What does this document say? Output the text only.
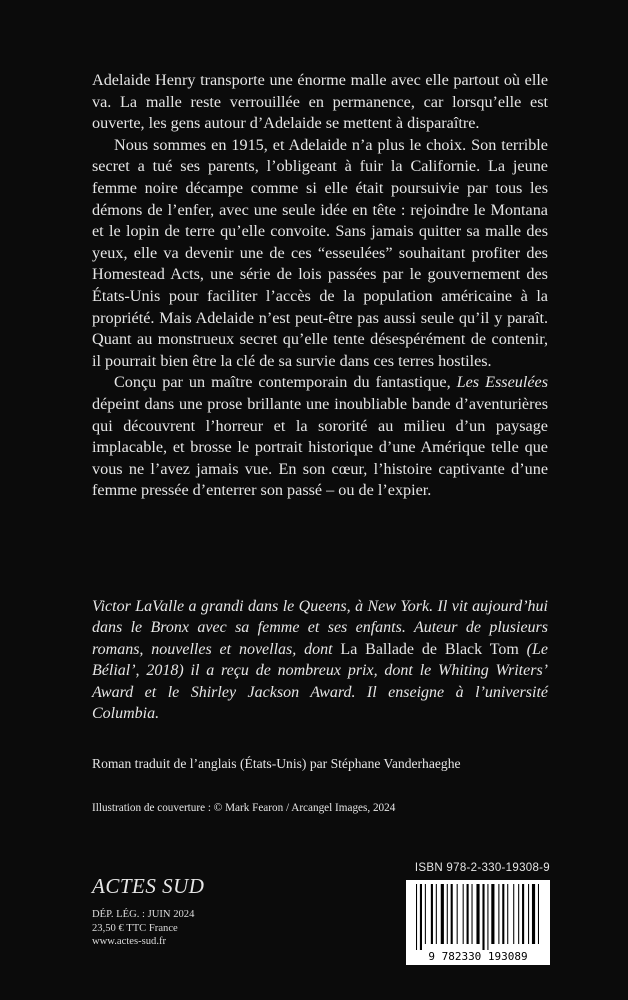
Adelaide Henry transporte une énorme malle avec elle partout où elle va. La malle reste verrouillée en permanence, car lorsqu’elle est ouverte, les gens autour d’Adelaide se mettent à disparaître.

Nous sommes en 1915, et Adelaide n’a plus le choix. Son terrible secret a tué ses parents, l’obligeant à fuir la Californie. La jeune femme noire décampe comme si elle était poursuivie par tous les démons de l’enfer, avec une seule idée en tête : rejoindre le Montana et le lopin de terre qu’elle convoite. Sans jamais quitter sa malle des yeux, elle va devenir une de ces “esseulées” souhaitant profiter des Homestead Acts, une série de lois passées par le gouvernement des États-Unis pour faciliter l’accès de la population américaine à la propriété. Mais Adelaide n’est peut-être pas aussi seule qu’il y paraît. Quant au monstrueux secret qu’elle tente désespérément de contenir, il pourrait bien être la clé de sa survie dans ces terres hostiles.

Conçu par un maître contemporain du fantastique, Les Esseulées dépeint dans une prose brillante une inoubliable bande d’aventurières qui découvrent l’horreur et la sororité au milieu d’un paysage implacable, et brosse le portrait historique d’une Amérique telle que vous ne l’avez jamais vue. En son cœur, l’histoire captivante d’une femme pressée d’enterrer son passé – ou de l’expier.

Victor LaValle a grandi dans le Queens, à New York. Il vit aujourd’hui dans le Bronx avec sa femme et ses enfants. Auteur de plusieurs romans, nouvelles et novellas, dont La Ballade de Black Tom (Le Bélial’, 2018) il a reçu de nombreux prix, dont le Whiting Writers’ Award et le Shirley Jackson Award. Il enseigne à l’université Columbia.
Roman traduit de l’anglais (États-Unis) par Stéphane Vanderhaeghe
Illustration de couverture : © Mark Fearon / Arcangel Images, 2024
ISBN 978-2-330-19308-9
9 782330 193089
ACTES SUD
DÉP. LÉG. : JUIN 2024
23,50 € TTC France
www.actes-sud.fr
